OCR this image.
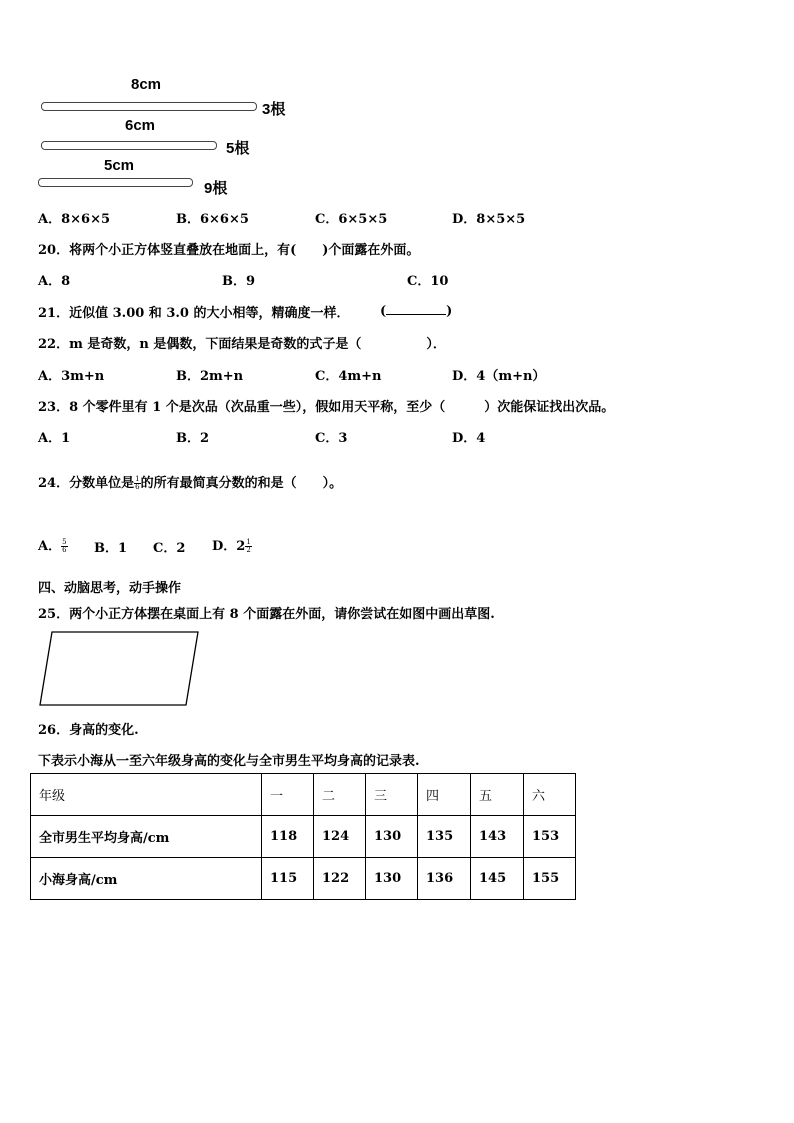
8cm
3根
6cm
5根
5cm
9根
A．8×6×5	B．6×6×5	C．6×5×5	D．8×5×5
20．将两个小正方体竖直叠放在地面上，有(　　)个面露在外面。
A．8	B．9	C．10
21．近似值 3.00 和 3.0 的大小相等，精确度一样． (	)
22．m 是奇数，n 是偶数，下面结果是奇数的式子是（　　　　　）．
A．3m+n	B．2m+n	C．4m+n	D．4（m+n）
23．8 个零件里有 1 个是次品（次品重一些），假如用天平称，至少（　　　）次能保证找出次品。
A．1	B．2	C．3	D．4
24．分数单位是 $\frac{1}{6}$ 的所有最简真分数的和是（　　）。
A． $\frac{5}{6}$ B．1 C．2 D．$2 \frac{1}{2}$
四、动脑思考，动手操作
25．两个小正方体摆在桌面上有 8 个面露在外面，请你尝试在如图中画出草图.
26．身高的变化.
下表示小海从一至六年级身高的变化与全市男生平均身高的记录表.
年级	一	二	三	四	五	六
全市男生平均身高/cm	118	124	130	135	143	153
小海身高/cm	115	122	130	136	145	155
